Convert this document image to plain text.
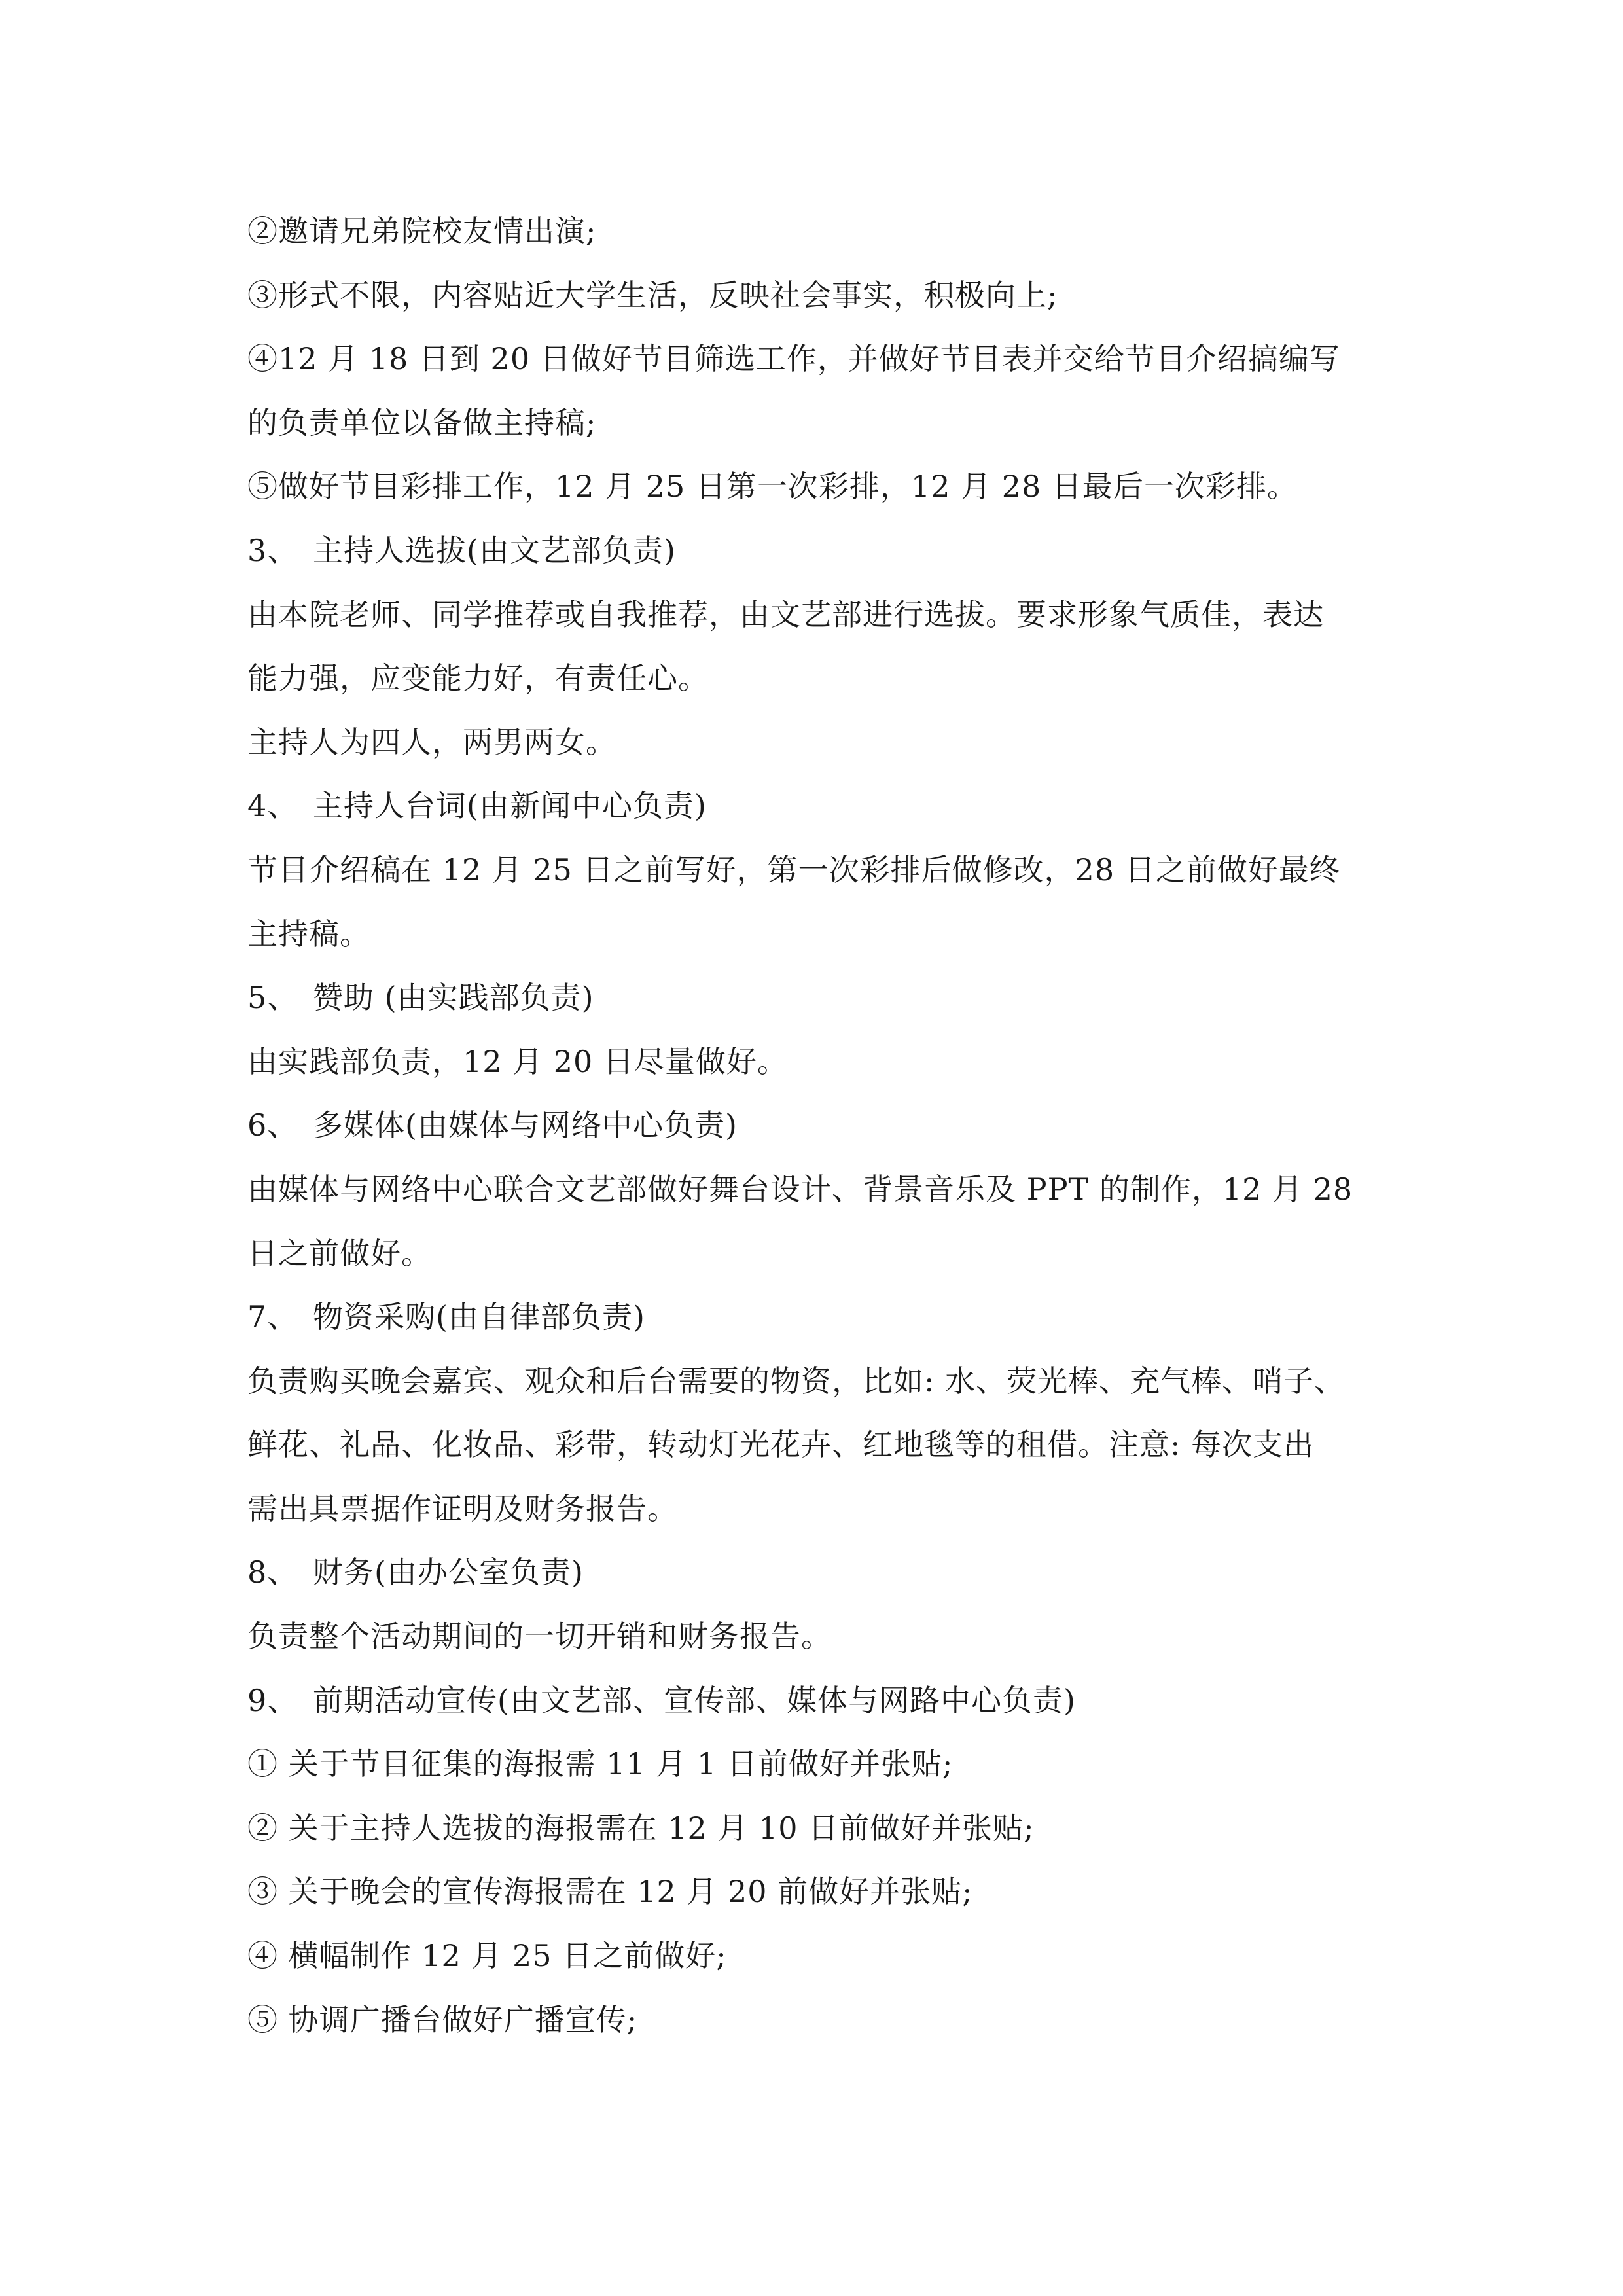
②邀请兄弟院校友情出演;
③形式不限，内容贴近大学生活，反映社会事实，积极向上;
④12 月 18 日到 20 日做好节目筛选工作，并做好节目表并交给节目介绍搞编写
的负责单位以备做主持稿;
⑤做好节目彩排工作，12 月 25 日第一次彩排，12 月 28 日最后一次彩排。
3、 主持人选拔(由文艺部负责)
由本院老师、同学推荐或自我推荐，由文艺部进行选拔。要求形象气质佳，表达
能力强，应变能力好，有责任心。
主持人为四人，两男两女。
4、 主持人台词(由新闻中心负责)
节目介绍稿在 12 月 25 日之前写好，第一次彩排后做修改，28 日之前做好最终
主持稿。
5、 赞助 (由实践部负责)
由实践部负责，12 月 20 日尽量做好。
6、 多媒体(由媒体与网络中心负责)
由媒体与网络中心联合文艺部做好舞台设计、背景音乐及 PPT 的制作，12 月 28
日之前做好。
7、 物资采购(由自律部负责)
负责购买晚会嘉宾、观众和后台需要的物资，比如: 水、荧光棒、充气棒、哨子、
鲜花、礼品、化妆品、彩带，转动灯光花卉、红地毯等的租借。注意: 每次支出
需出具票据作证明及财务报告。
8、 财务(由办公室负责)
负责整个活动期间的一切开销和财务报告。
9、 前期活动宣传(由文艺部、宣传部、媒体与网路中心负责)
① 关于节目征集的海报需 11 月 1 日前做好并张贴;
② 关于主持人选拔的海报需在 12 月 10 日前做好并张贴;
③ 关于晚会的宣传海报需在 12 月 20 前做好并张贴;
④ 横幅制作 12 月 25 日之前做好;
⑤ 协调广播台做好广播宣传;
